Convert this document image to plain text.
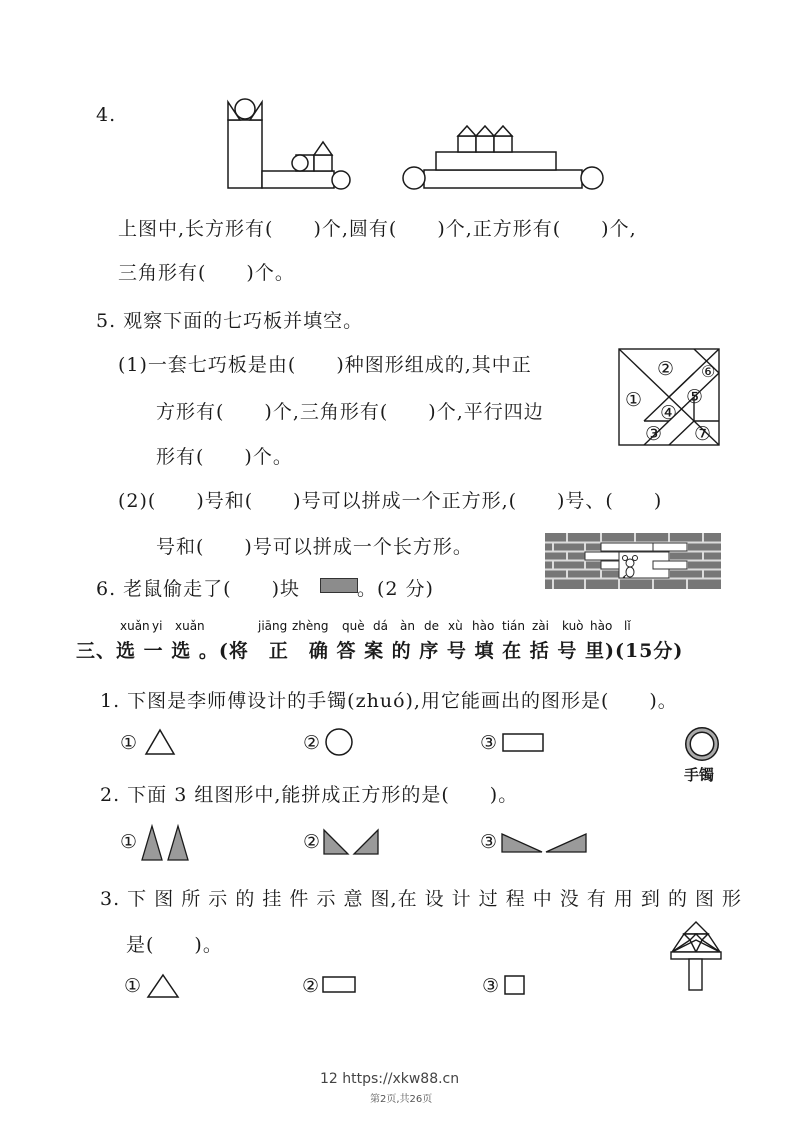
4.
上图中,长方形有(　　)个,圆有(　　)个,正方形有(　　)个,
三角形有(　　)个。
5. 观察下面的七巧板并填空。
(1)一套七巧板是由(　　)种图形组成的,其中正
方形有(　　)个,三角形有(　　)个,平行四边
形有(　　)个。
② ⑥
① ⑤
④
③ ⑦
(2)(　　)号和(　　)号可以拼成一个正方形,(　　)号、(　　)
号和(　　)号可以拼成一个长方形。
6. 老鼠偷走了(　　)块	。(2 分)
xuǎn yi xuǎn	jiāng zhèng què dá àn de xù hào tián zài kuò hào lǐ
三、选 一 选 。(将　正　确 答 案 的 序 号 填 在 括 号 里)(15分)
1. 下图是李师傅设计的手镯(zhuó),用它能画出的图形是(　　)。
①	②	③
手镯
2. 下面 3 组图形中,能拼成正方形的是(　　)。
①	②	③
3. 下 图 所 示 的 挂 件 示 意 图,在 设 计 过 程 中 没 有 用 到 的 图 形
是(　　)。
①	②	③
12 https://xkw88.cn
第2页,共26页
